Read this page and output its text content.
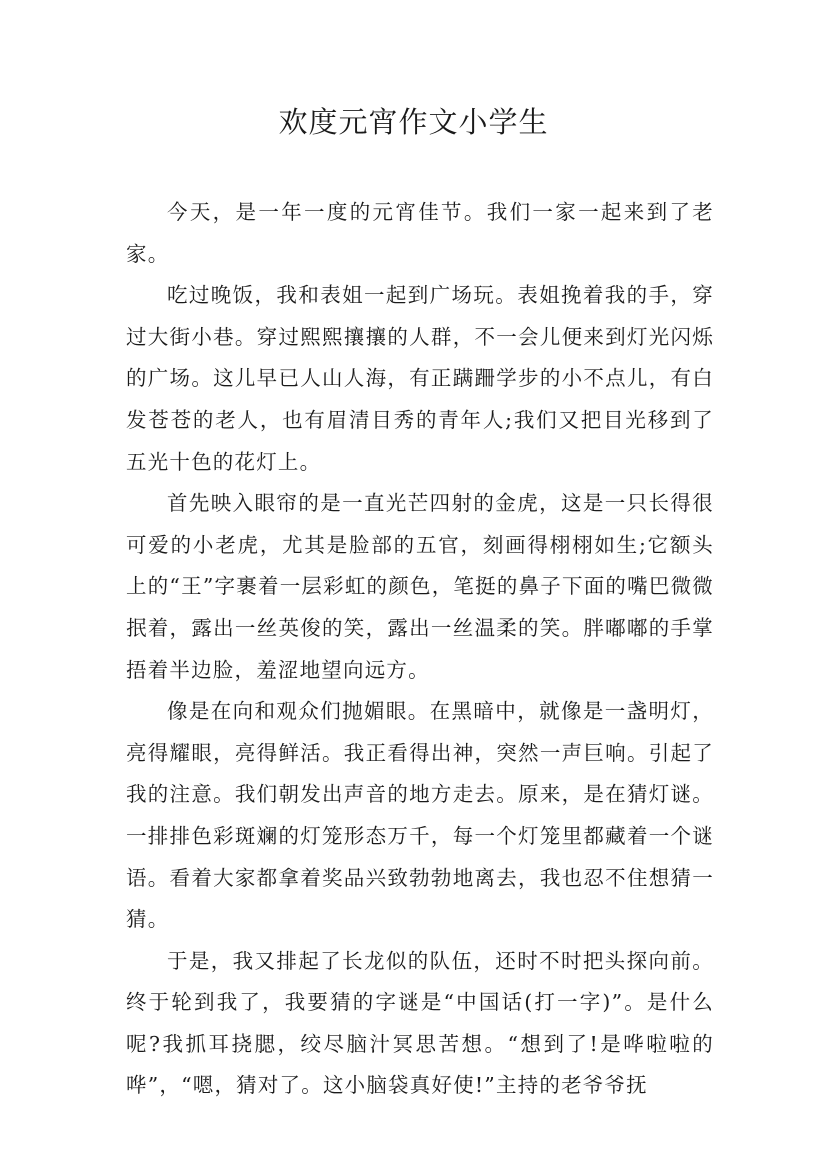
欢度元宵作文小学生

今天，是一年一度的元宵佳节。我们一家一起来到了老家。

吃过晚饭，我和表姐一起到广场玩。表姐挽着我的手，穿过大街小巷。穿过熙熙攘攘的人群，不一会儿便来到灯光闪烁的广场。这儿早已人山人海，有正蹒跚学步的小不点儿，有白发苍苍的老人，也有眉清目秀的青年人;我们又把目光移到了五光十色的花灯上。

首先映入眼帘的是一直光芒四射的金虎，这是一只长得很可爱的小老虎，尤其是脸部的五官，刻画得栩栩如生;它额头上的“王”字裹着一层彩虹的颜色，笔挺的鼻子下面的嘴巴微微抿着，露出一丝英俊的笑，露出一丝温柔的笑。胖嘟嘟的手掌捂着半边脸，羞涩地望向远方。

像是在向和观众们抛媚眼。在黑暗中，就像是一盏明灯，亮得耀眼，亮得鲜活。我正看得出神，突然一声巨响。引起了我的注意。我们朝发出声音的地方走去。原来，是在猜灯谜。一排排色彩斑斓的灯笼形态万千，每一个灯笼里都藏着一个谜语。看着大家都拿着奖品兴致勃勃地离去，我也忍不住想猜一猜。

于是，我又排起了长龙似的队伍，还时不时把头探向前。终于轮到我了，我要猜的字谜是“中国话(打一字)”。是什么呢?我抓耳挠腮，绞尽脑汁冥思苦想。“想到了!是哗啦啦的哗”，“嗯，猜对了。这小脑袋真好使!”主持的老爷爷抚
